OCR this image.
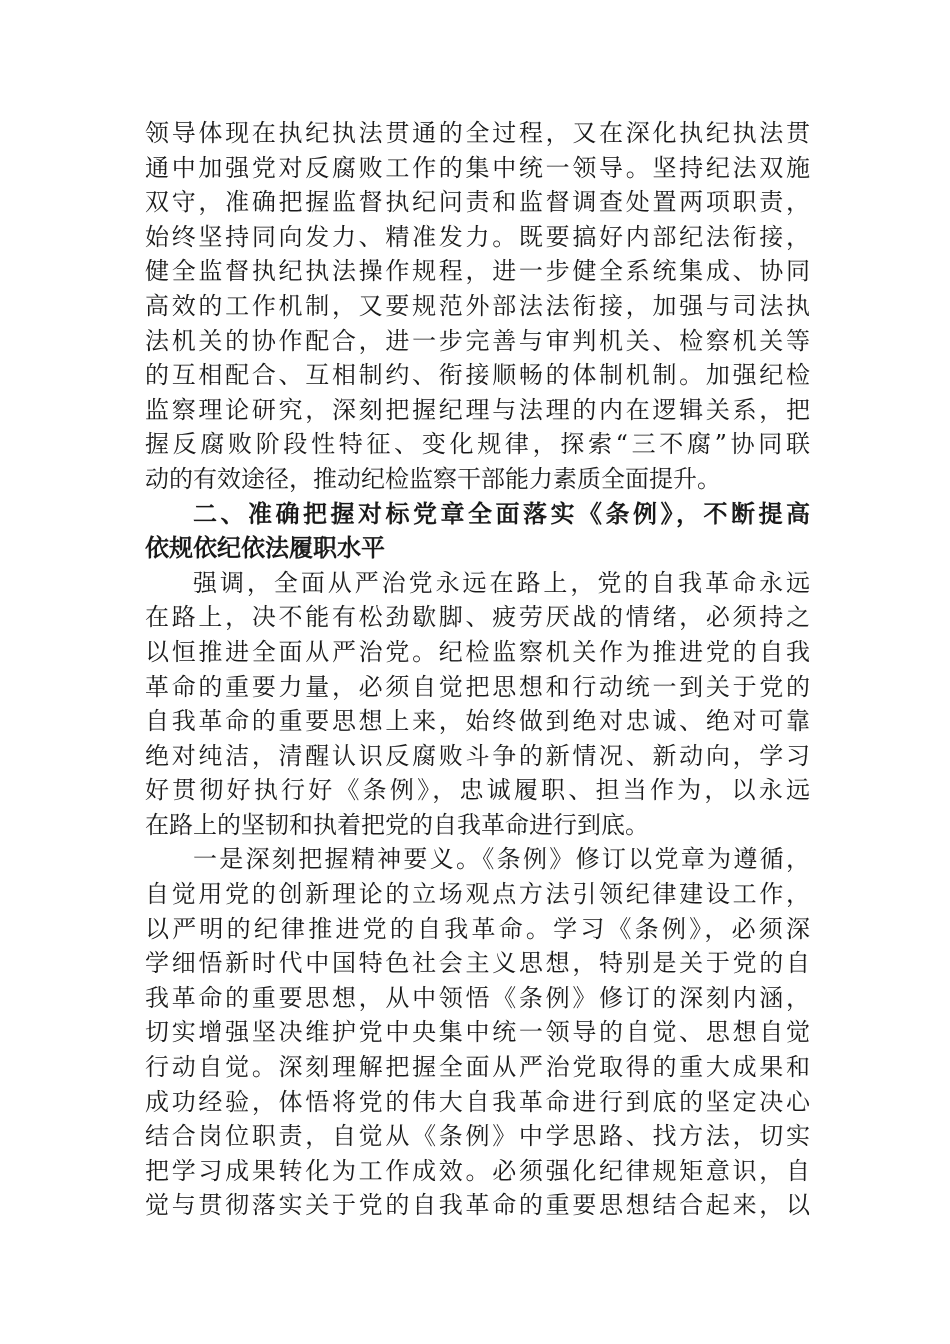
领导体现在执纪执法贯通的全过程，又在深化执纪执法贯
通中加强党对反腐败工作的集中统一领导。坚持纪法双施
双守，准确把握监督执纪问责和监督调查处置两项职责，
始终坚持同向发力、精准发力。既要搞好内部纪法衔接，
健全监督执纪执法操作规程，进一步健全系统集成、协同
高效的工作机制，又要规范外部法法衔接，加强与司法执
法机关的协作配合，进一步完善与审判机关、检察机关等
的互相配合、互相制约、衔接顺畅的体制机制。加强纪检
监察理论研究，深刻把握纪理与法理的内在逻辑关系，把
握反腐败阶段性特征、变化规律，探索“三不腐”协同联
动的有效途径，推动纪检监察干部能力素质全面提升。
二、准确把握对标党章全面落实《条例》，不断提高
依规依纪依法履职水平
强调，全面从严治党永远在路上，党的自我革命永远
在路上，决不能有松劲歇脚、疲劳厌战的情绪，必须持之
以恒推进全面从严治党。纪检监察机关作为推进党的自我
革命的重要力量，必须自觉把思想和行动统一到关于党的
自我革命的重要思想上来，始终做到绝对忠诚、绝对可靠
绝对纯洁，清醒认识反腐败斗争的新情况、新动向，学习
好贯彻好执行好《条例》，忠诚履职、担当作为，以永远
在路上的坚韧和执着把党的自我革命进行到底。
一是深刻把握精神要义。《条例》修订以党章为遵循，
自觉用党的创新理论的立场观点方法引领纪律建设工作，
以严明的纪律推进党的自我革命。学习《条例》，必须深
学细悟新时代中国特色社会主义思想，特别是关于党的自
我革命的重要思想，从中领悟《条例》修订的深刻内涵，
切实增强坚决维护党中央集中统一领导的自觉、思想自觉
行动自觉。深刻理解把握全面从严治党取得的重大成果和
成功经验，体悟将党的伟大自我革命进行到底的坚定决心
结合岗位职责，自觉从《条例》中学思路、找方法，切实
把学习成果转化为工作成效。必须强化纪律规矩意识，自
觉与贯彻落实关于党的自我革命的重要思想结合起来，以
